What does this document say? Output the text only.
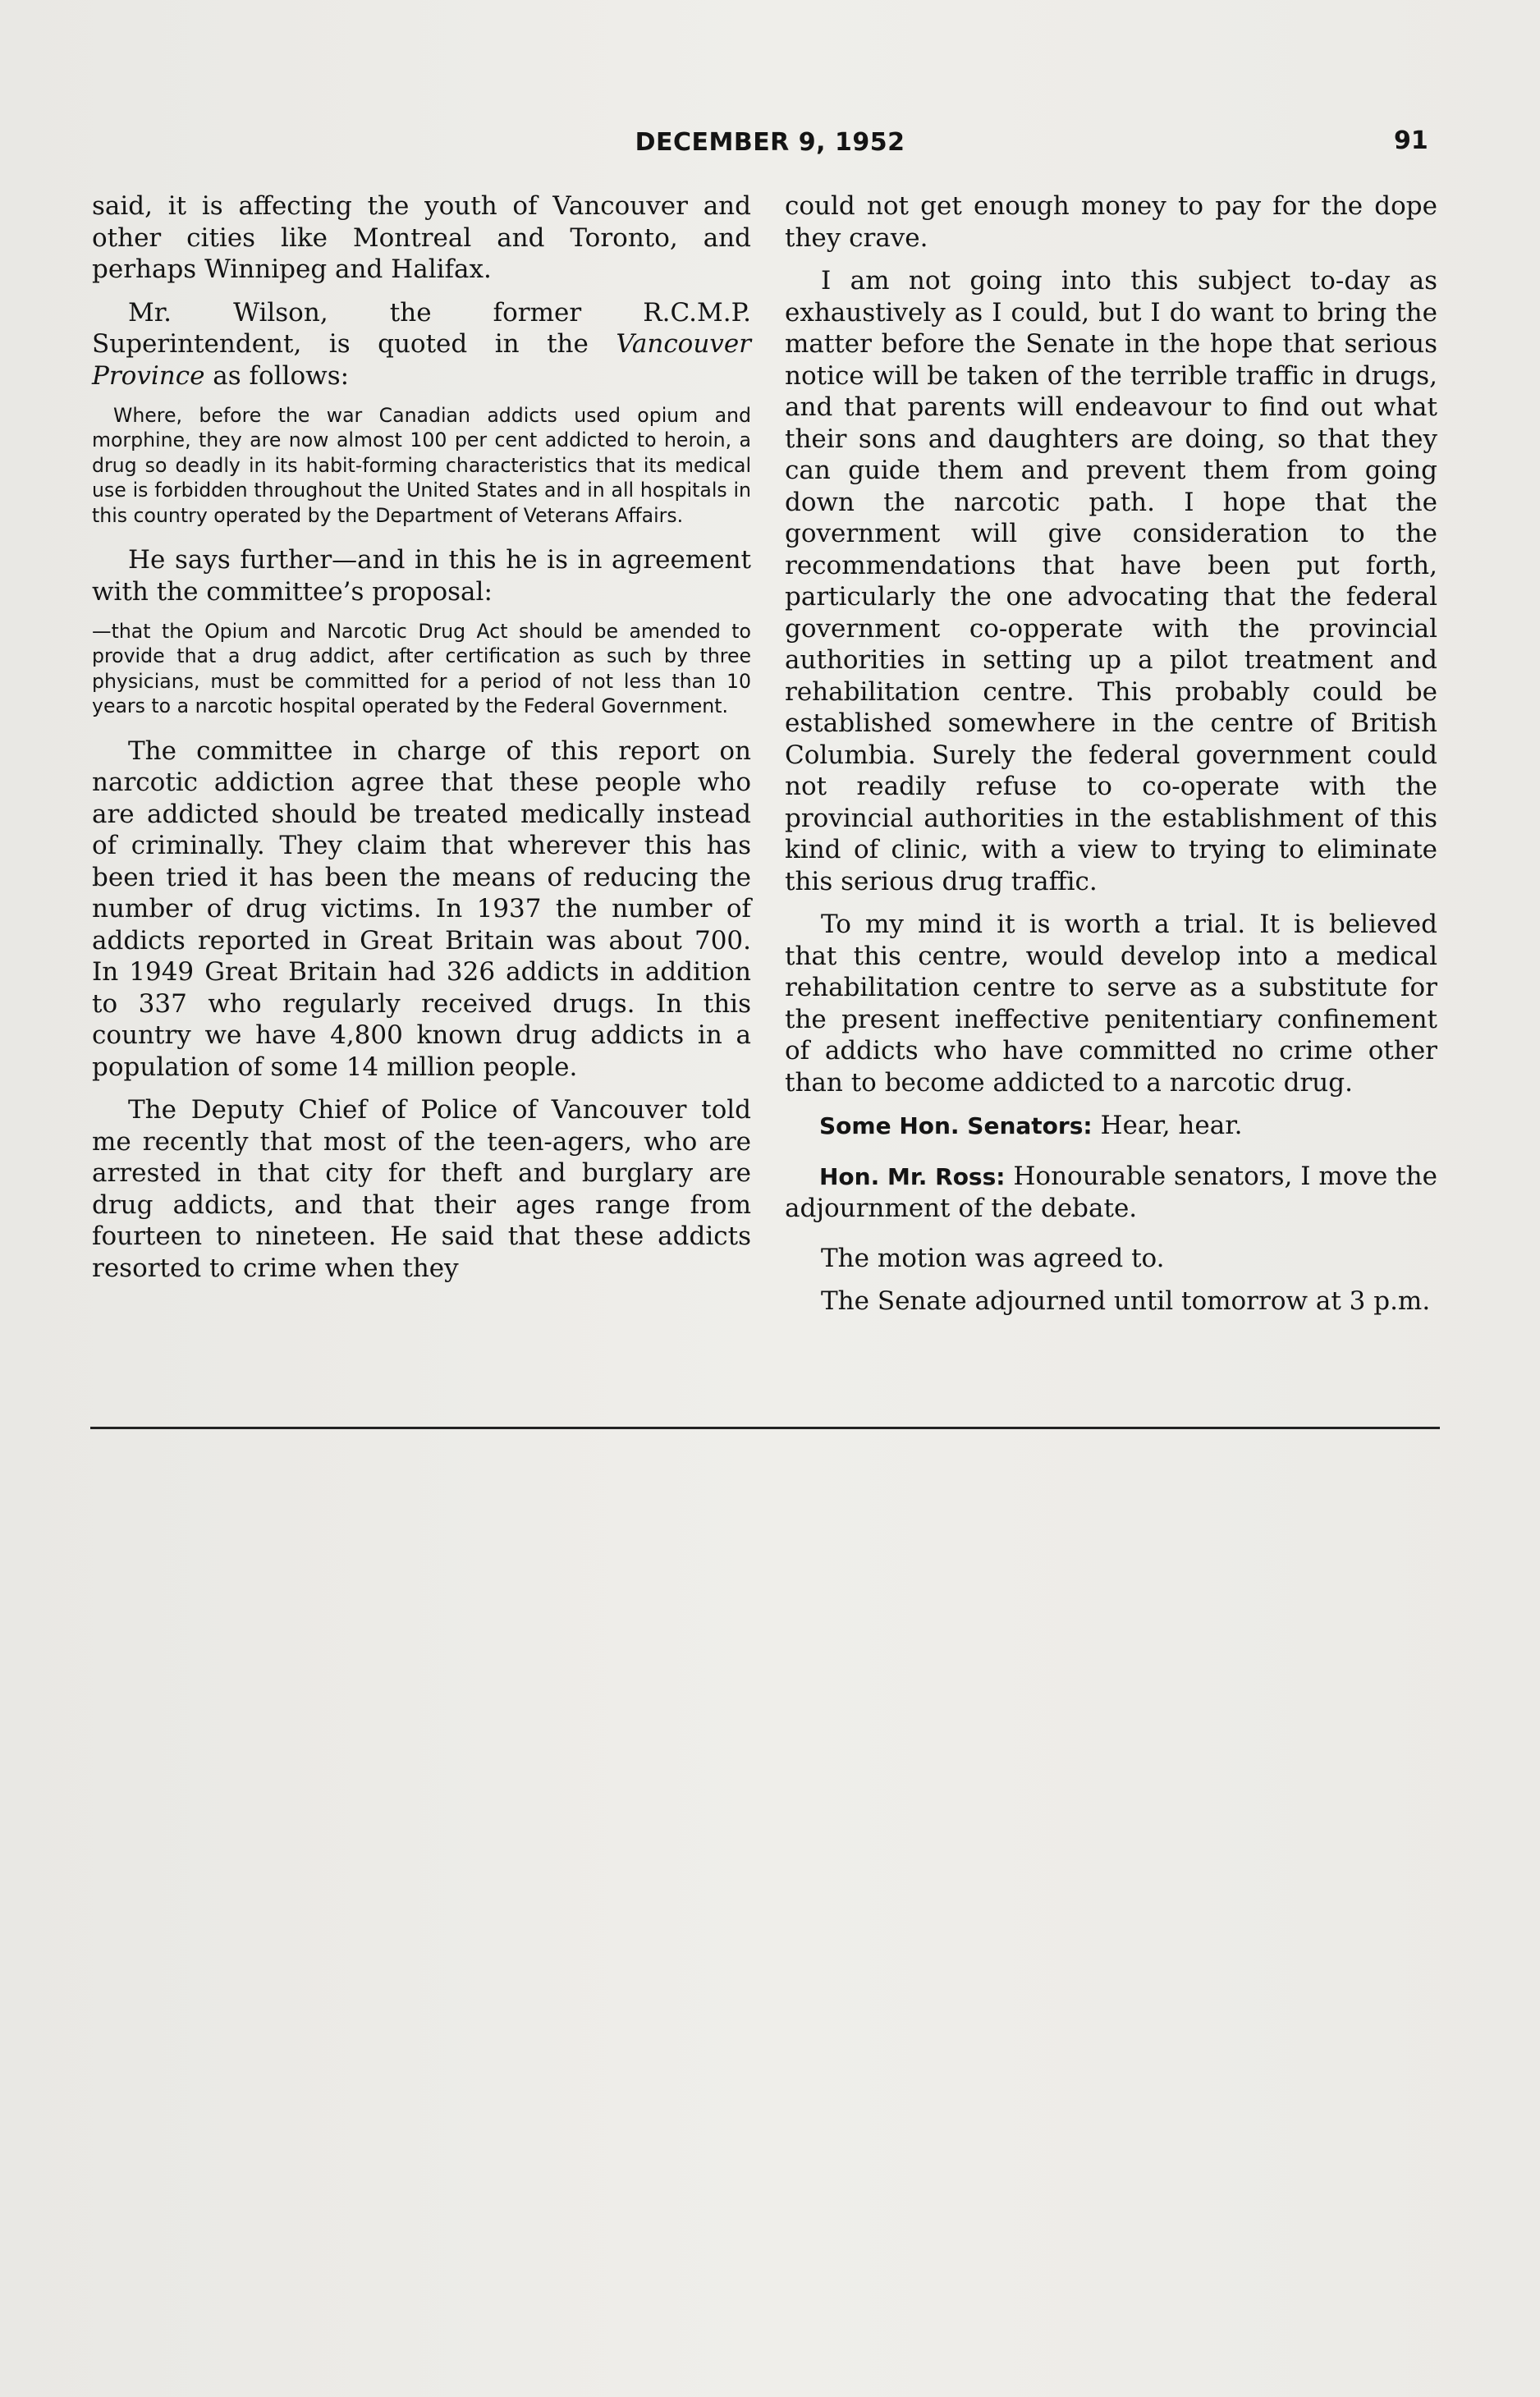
DECEMBER 9, 1952	91

said, it is affecting the youth of Vancouver and other cities like Montreal and Toronto, and perhaps Winnipeg and Halifax.

Mr. Wilson, the former R.C.M.P. Superintendent, is quoted in the Vancouver Province as follows:

Where, before the war Canadian addicts used opium and morphine, they are now almost 100 per cent addicted to heroin, a drug so deadly in its habit-forming characteristics that its medical use is forbidden throughout the United States and in all hospitals in this country operated by the Department of Veterans Affairs.

He says further—and in this he is in agreement with the committee’s proposal:

—that the Opium and Narcotic Drug Act should be amended to provide that a drug addict, after certification as such by three physicians, must be committed for a period of not less than 10 years to a narcotic hospital operated by the Federal Government.

The committee in charge of this report on narcotic addiction agree that these people who are addicted should be treated medically instead of criminally. They claim that wherever this has been tried it has been the means of reducing the number of drug victims. In 1937 the number of addicts reported in Great Britain was about 700. In 1949 Great Britain had 326 addicts in addition to 337 who regularly received drugs. In this country we have 4,800 known drug addicts in a population of some 14 million people.

The Deputy Chief of Police of Vancouver told me recently that most of the teen-agers, who are arrested in that city for theft and burglary are drug addicts, and that their ages range from fourteen to nineteen. He said that these addicts resorted to crime when they

could not get enough money to pay for the dope they crave.

I am not going into this subject to-day as exhaustively as I could, but I do want to bring the matter before the Senate in the hope that serious notice will be taken of the terrible traffic in drugs, and that parents will endeavour to find out what their sons and daughters are doing, so that they can guide them and prevent them from going down the narcotic path. I hope that the government will give consideration to the recommendations that have been put forth, particularly the one advocating that the federal government co-opperate with the provincial authorities in setting up a pilot treatment and rehabilitation centre. This probably could be established somewhere in the centre of British Columbia. Surely the federal government could not readily refuse to co-operate with the provincial authorities in the establishment of this kind of clinic, with a view to trying to eliminate this serious drug traffic.

To my mind it is worth a trial. It is believed that this centre, would develop into a medical rehabilitation centre to serve as a substitute for the present ineffective penitentiary confinement of addicts who have committed no crime other than to become addicted to a narcotic drug.

Some Hon. Senators: Hear, hear.

Hon. Mr. Ross: Honourable senators, I move the adjournment of the debate.

The motion was agreed to.

The Senate adjourned until tomorrow at 3 p.m.
